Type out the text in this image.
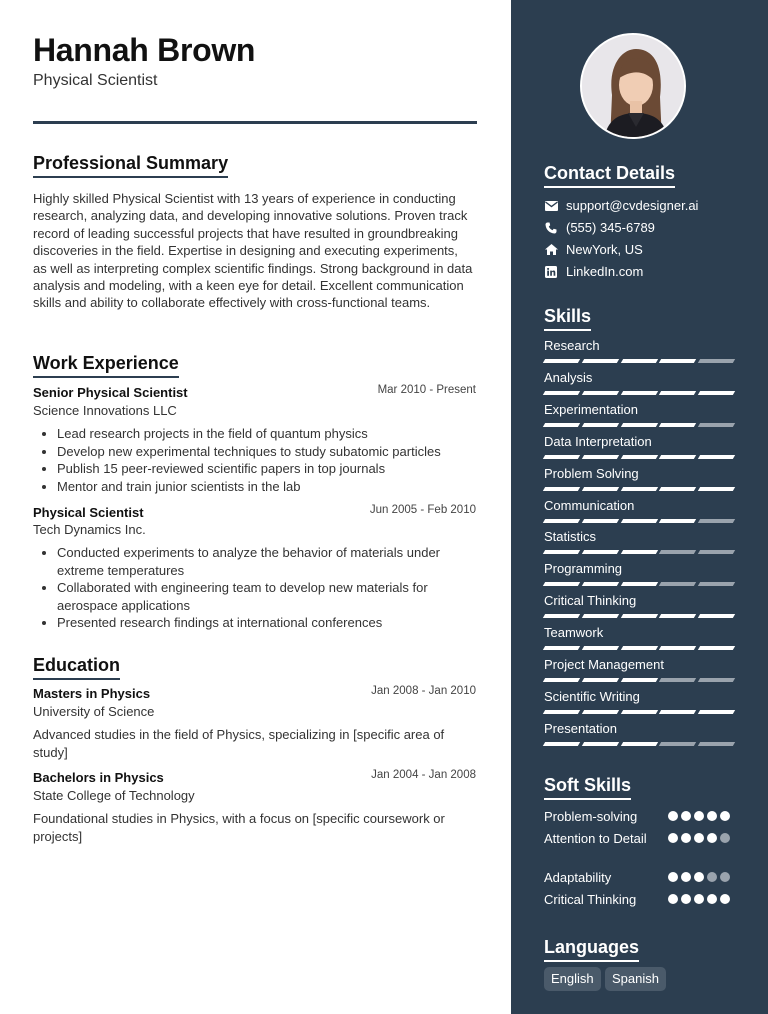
Hannah Brown
Physical Scientist
Professional Summary
Highly skilled Physical Scientist with 13 years of experience in conducting research, analyzing data, and developing innovative solutions. Proven track record of leading successful projects that have resulted in groundbreaking discoveries in the field. Expertise in designing and executing experiments, as well as interpreting complex scientific findings. Strong background in data analysis and modeling, with a keen eye for detail. Excellent communication skills and ability to collaborate effectively with cross-functional teams.
Work Experience
Senior Physical Scientist	Mar 2010 - Present
Science Innovations LLC
Lead research projects in the field of quantum physics
Develop new experimental techniques to study subatomic particles
Publish 15 peer-reviewed scientific papers in top journals
Mentor and train junior scientists in the lab
Physical Scientist	Jun 2005 - Feb 2010
Tech Dynamics Inc.
Conducted experiments to analyze the behavior of materials under extreme temperatures
Collaborated with engineering team to develop new materials for aerospace applications
Presented research findings at international conferences
Education
Masters in Physics	Jan 2008 - Jan 2010
University of Science
Advanced studies in the field of Physics, specializing in [specific area of study]
Bachelors in Physics	Jan 2004 - Jan 2008
State College of Technology
Foundational studies in Physics, with a focus on [specific coursework or projects]
Contact Details
support@cvdesigner.ai
(555) 345-6789
NewYork, US
LinkedIn.com
Skills
Research
Analysis
Experimentation
Data Interpretation
Problem Solving
Communication
Statistics
Programming
Critical Thinking
Teamwork
Project Management
Scientific Writing
Presentation
Soft Skills
Problem-solving
Attention to Detail
Adaptability
Critical Thinking
Languages
English	Spanish
